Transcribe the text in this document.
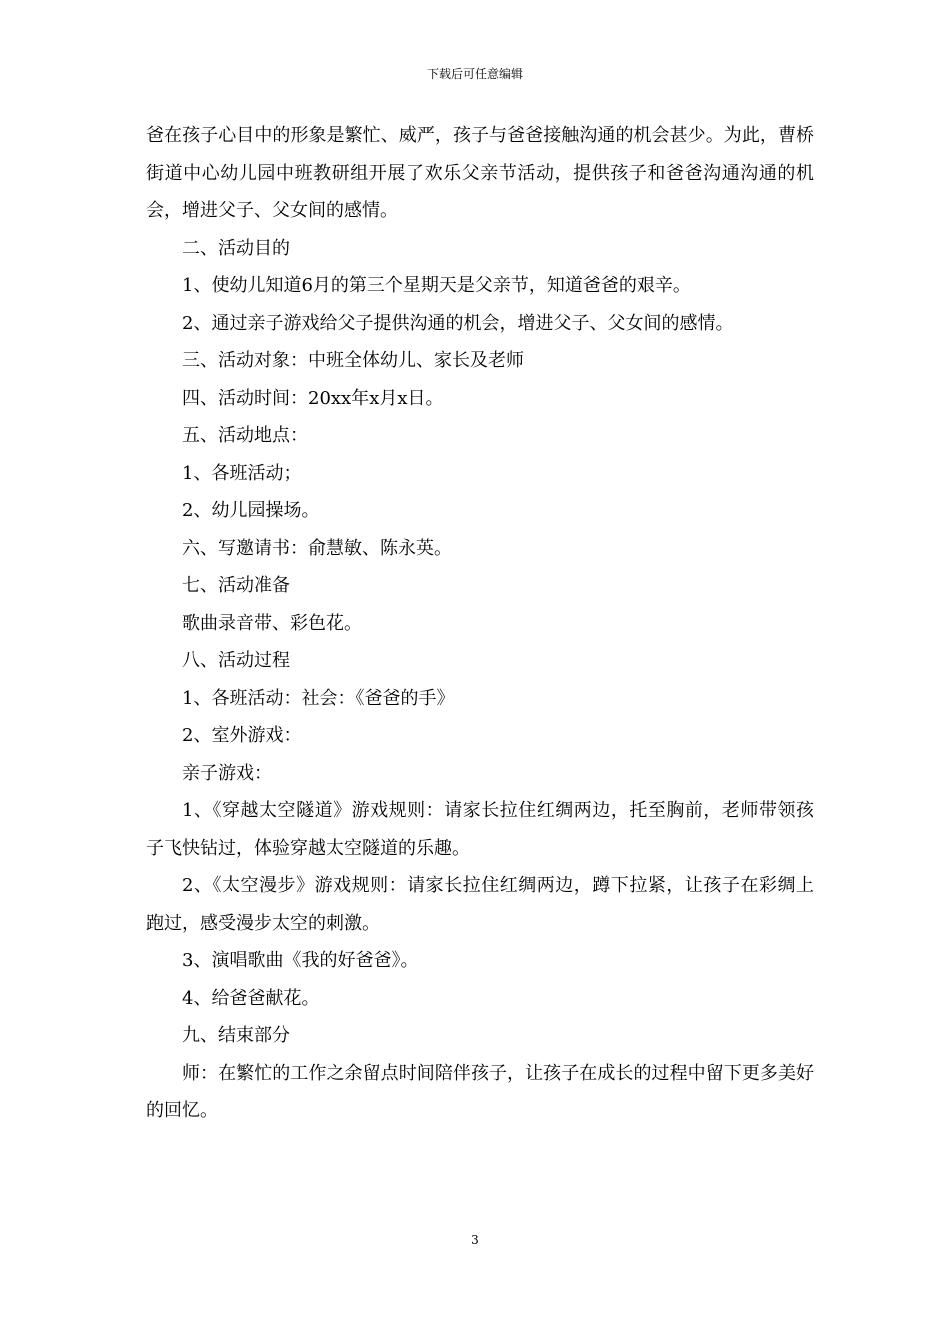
下载后可任意编辑

爸在孩子心目中的形象是繁忙、威严，孩子与爸爸接触沟通的机会甚少。为此，曹桥街道中心幼儿园中班教研组开展了欢乐父亲节活动，提供孩子和爸爸沟通沟通的机会，增进父子、父女间的感情。

二、活动目的

1、使幼儿知道6月的第三个星期天是父亲节，知道爸爸的艰辛。

2、通过亲子游戏给父子提供沟通的机会，增进父子、父女间的感情。

三、活动对象：中班全体幼儿、家长及老师

四、活动时间：20xx年x月x日。

五、活动地点：

1、各班活动；

2、幼儿园操场。

六、写邀请书：俞慧敏、陈永英。

七、活动准备

歌曲录音带、彩色花。

八、活动过程

1、各班活动：社会：《爸爸的手》

2、室外游戏：

亲子游戏：

1、《穿越太空隧道》游戏规则：请家长拉住红绸两边，托至胸前，老师带领孩子飞快钻过，体验穿越太空隧道的乐趣。

2、《太空漫步》游戏规则：请家长拉住红绸两边，蹲下拉紧，让孩子在彩绸上跑过，感受漫步太空的刺激。

3、演唱歌曲《我的好爸爸》。

4、给爸爸献花。

九、结束部分

师：在繁忙的工作之余留点时间陪伴孩子，让孩子在成长的过程中留下更多美好的回忆。

3
